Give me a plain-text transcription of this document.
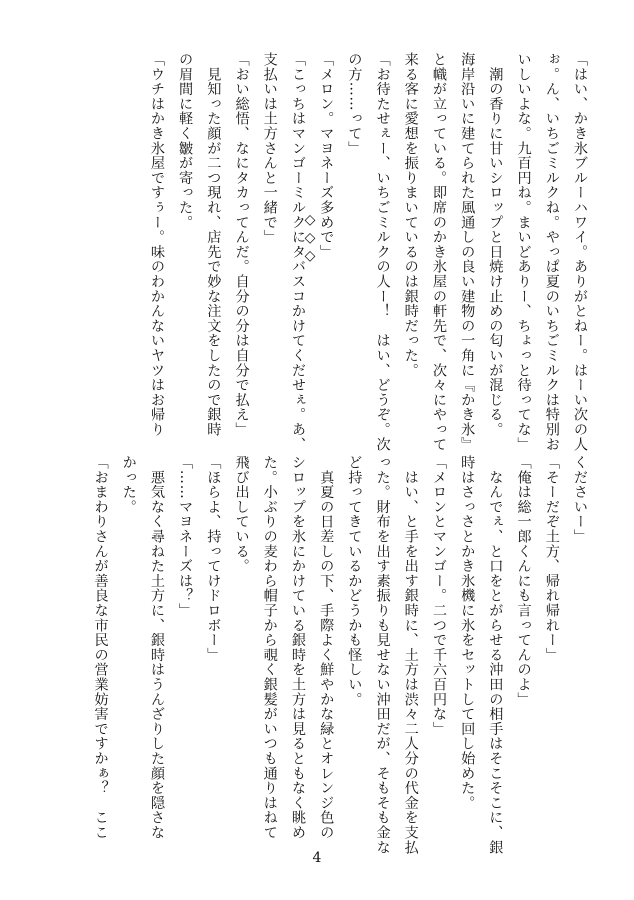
「はい、かき氷ブルーハワイ。ありがとねー。はーい次の人
ぉ。ん、いちごミルクね。やっぱ夏のいちごミルクは特別お
いしいよな。九百円ね。まいどありー、ちょっと待ってな」
　潮の香りに甘いシロップと日焼け止めの匂いが混じる。
海岸沿いに建てられた風通しの良い建物の一角に『かき氷』
と幟が立っている。即席のかき氷屋の軒先で、次々にやって
来る客に愛想を振りまいているのは銀時だった。
「お待たせぇー、いちごミルクの人ー！　はい、どうぞ。次
の方……って」
「メロン。マヨネーズ多めで」
「こっちはマンゴーミルクにタバスコかけてくだせぇ。あ、
支払いは土方さんと一緒で」
「おい総悟、なにタカってんだ。自分の分は自分で払え」
　見知った顔が二つ現れ、店先で妙な注文をしたので銀時
の眉間に軽く皺が寄った。
「ウチはかき氷屋ですぅー。味のわかんないヤツはお帰り	◇◇◇
くださいー」
「そーだぞ土方、帰れ帰れー」
「俺は総一郎くんにも言ってんのよ」
　なんでぇ、と口をとがらせる沖田の相手はそこそこに、銀
時はさっさとかき氷機に氷をセットして回し始めた。
「メロンとマンゴー。二つで千六百円な」
　はい、と手を出す銀時に、土方は渋々二人分の代金を支払
った。財布を出す素振りも見せない沖田だが、そもそも金な
ど持ってきているかどうかも怪しい。
　真夏の日差しの下、手際よく鮮やかな緑とオレンジ色の
シロップを氷にかけている銀時を土方は見るともなく眺め
た。小ぶりの麦わら帽子から覗く銀髪がいつも通りはねて
飛び出している。
「ほらよ、持ってけドロボー」
「……マヨネーズは？」
　悪気なく尋ねた土方に、銀時はうんざりした顔を隠さな
かった。
「おまわりさんが善良な市民の営業妨害ですかぁ？　ここ
4
